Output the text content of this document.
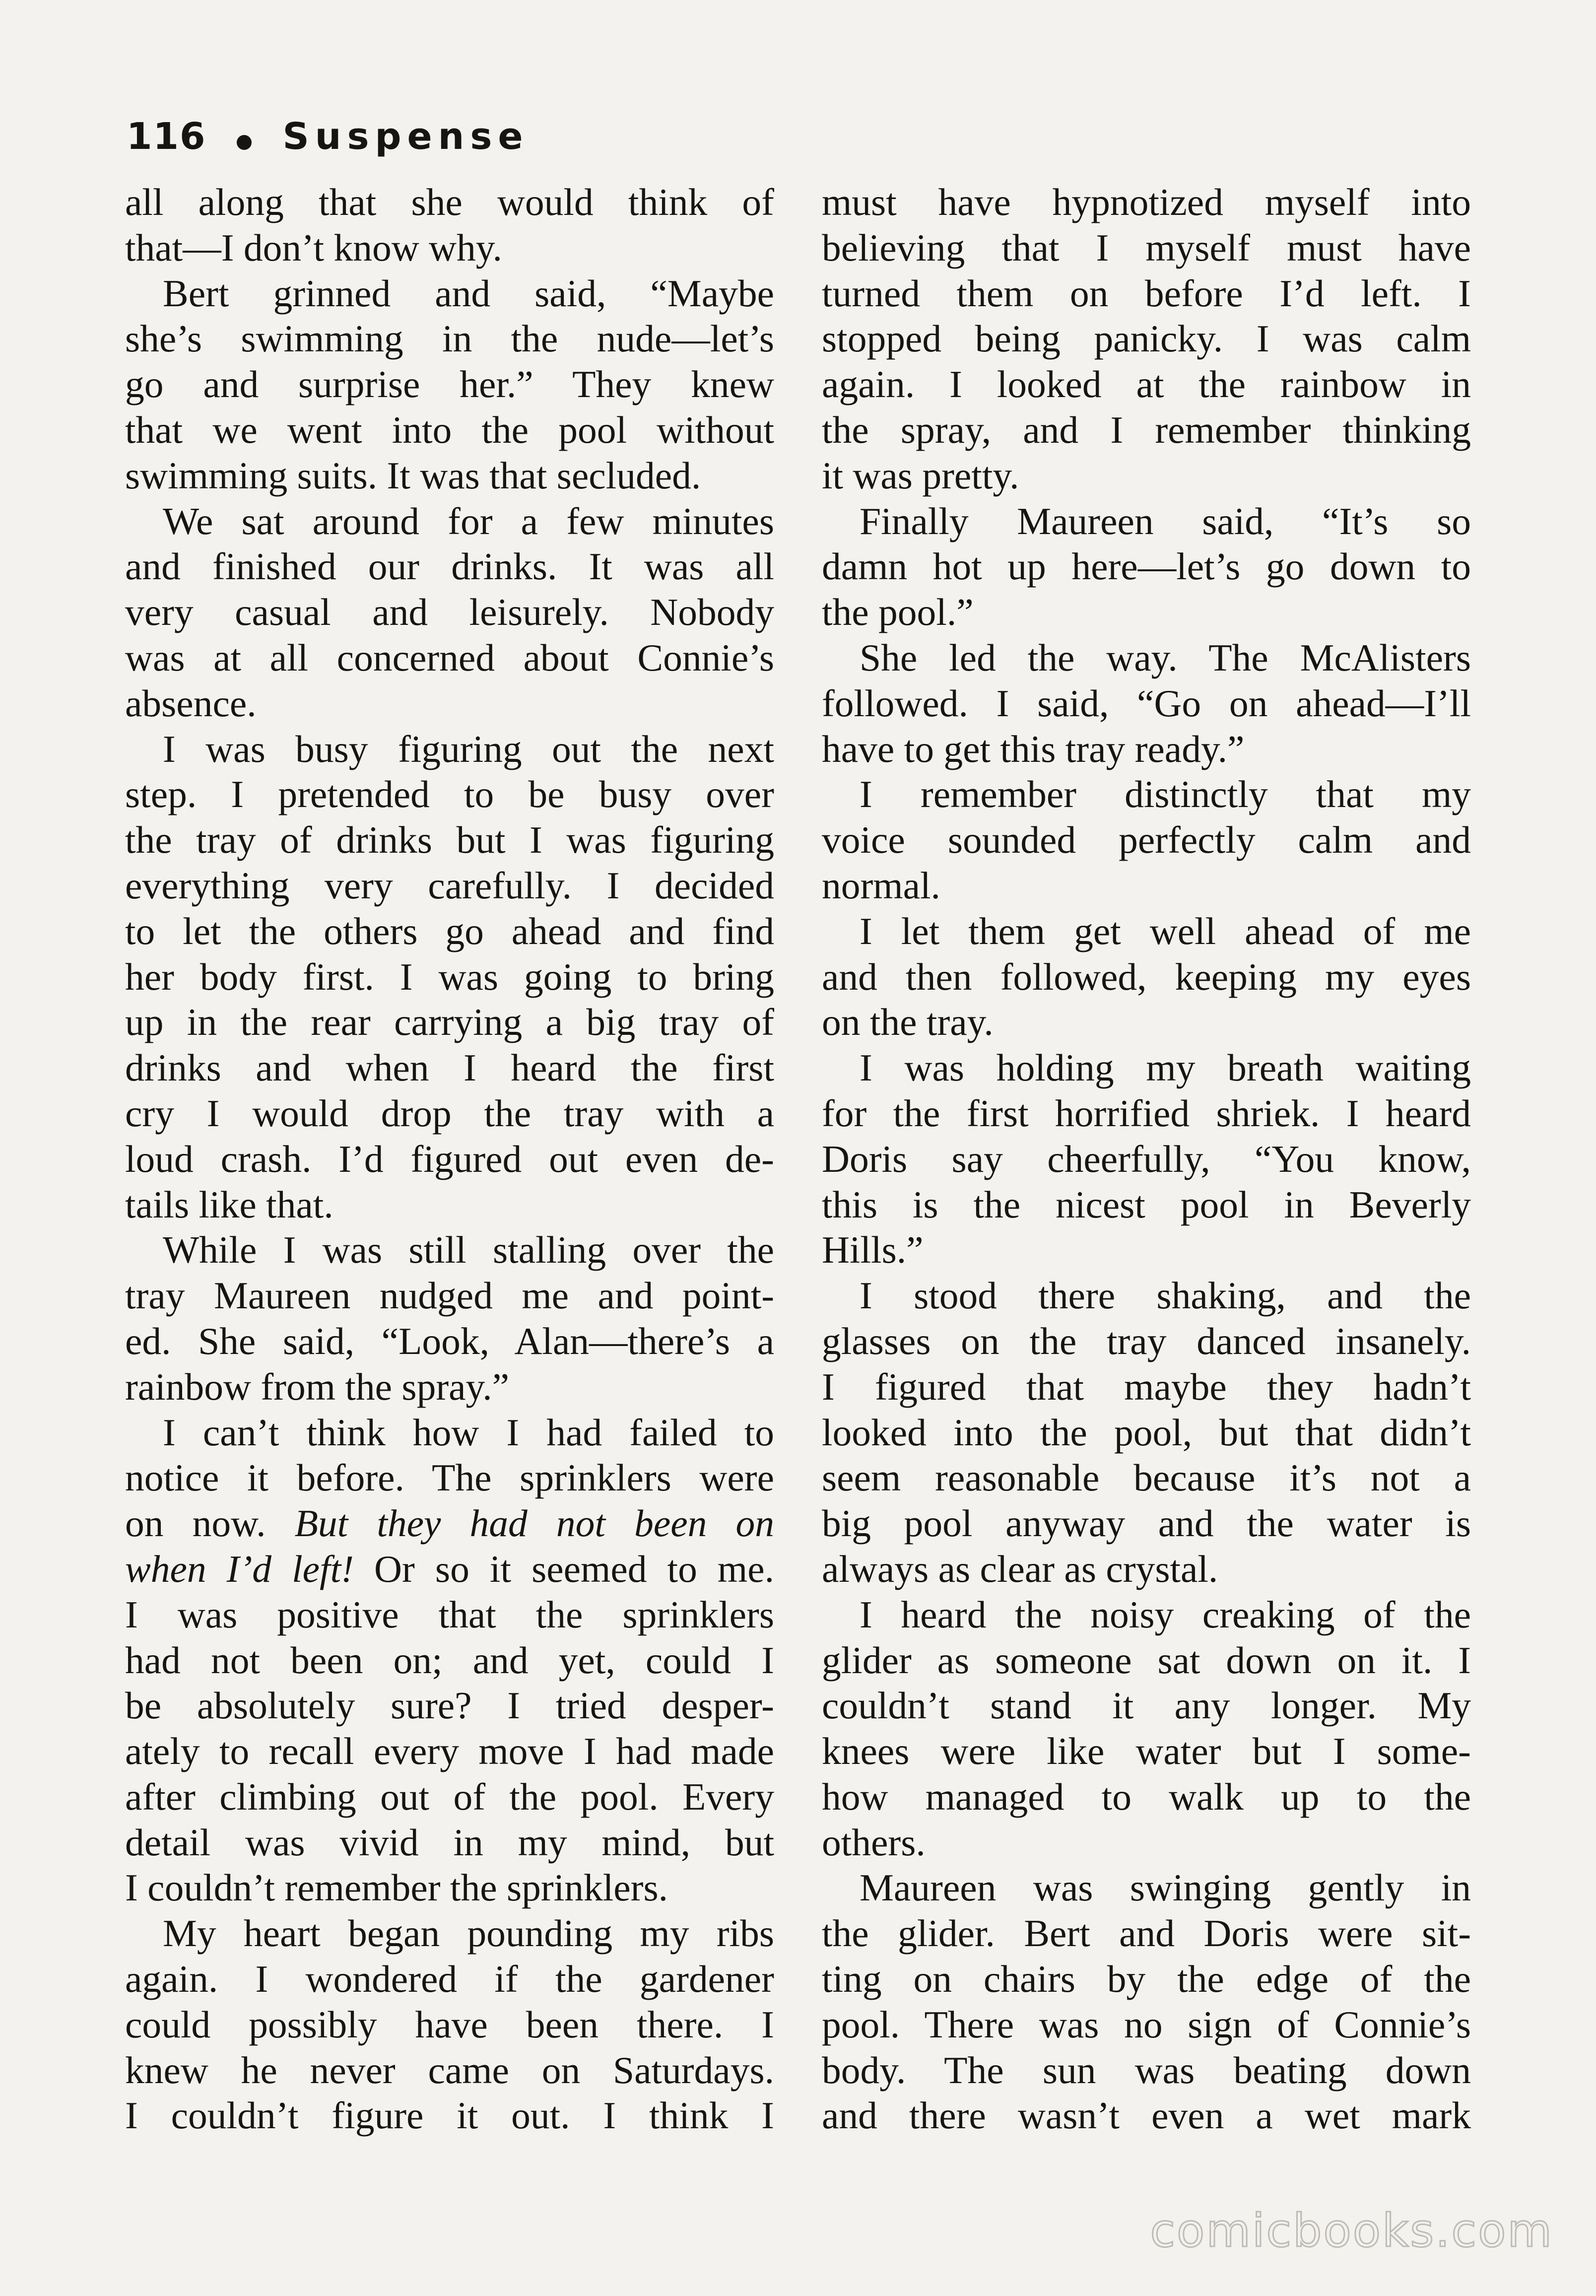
116 Suspense
all along that she would think of
that—I don’t know why.
Bert grinned and said, “Maybe
she’s swimming in the nude—let’s
go and surprise her.” They knew
that we went into the pool without
swimming suits. It was that secluded.
We sat around for a few minutes
and finished our drinks. It was all
very casual and leisurely. Nobody
was at all concerned about Connie’s
absence.
I was busy figuring out the next
step. I pretended to be busy over
the tray of drinks but I was figuring
everything very carefully. I decided
to let the others go ahead and find
her body first. I was going to bring
up in the rear carrying a big tray of
drinks and when I heard the first
cry I would drop the tray with a
loud crash. I’d figured out even de-
tails like that.
While I was still stalling over the
tray Maureen nudged me and point-
ed. She said, “Look, Alan—there’s a
rainbow from the spray.”
I can’t think how I had failed to
notice it before. The sprinklers were
on now. But they had not been on
when I’d left! Or so it seemed to me.
I was positive that the sprinklers
had not been on; and yet, could I
be absolutely sure? I tried desper-
ately to recall every move I had made
after climbing out of the pool. Every
detail was vivid in my mind, but
I couldn’t remember the sprinklers.
My heart began pounding my ribs
again. I wondered if the gardener
could possibly have been there. I
knew he never came on Saturdays.
I couldn’t figure it out. I think I
must have hypnotized myself into
believing that I myself must have
turned them on before I’d left. I
stopped being panicky. I was calm
again. I looked at the rainbow in
the spray, and I remember thinking
it was pretty.
Finally Maureen said, “It’s so
damn hot up here—let’s go down to
the pool.”
She led the way. The McAlisters
followed. I said, “Go on ahead—I’ll
have to get this tray ready.”
I remember distinctly that my
voice sounded perfectly calm and
normal.
I let them get well ahead of me
and then followed, keeping my eyes
on the tray.
I was holding my breath waiting
for the first horrified shriek. I heard
Doris say cheerfully, “You know,
this is the nicest pool in Beverly
Hills.”
I stood there shaking, and the
glasses on the tray danced insanely.
I figured that maybe they hadn’t
looked into the pool, but that didn’t
seem reasonable because it’s not a
big pool anyway and the water is
always as clear as crystal.
I heard the noisy creaking of the
glider as someone sat down on it. I
couldn’t stand it any longer. My
knees were like water but I some-
how managed to walk up to the
others.
Maureen was swinging gently in
the glider. Bert and Doris were sit-
ting on chairs by the edge of the
pool. There was no sign of Connie’s
body. The sun was beating down
and there wasn’t even a wet mark
comicbooks.com
